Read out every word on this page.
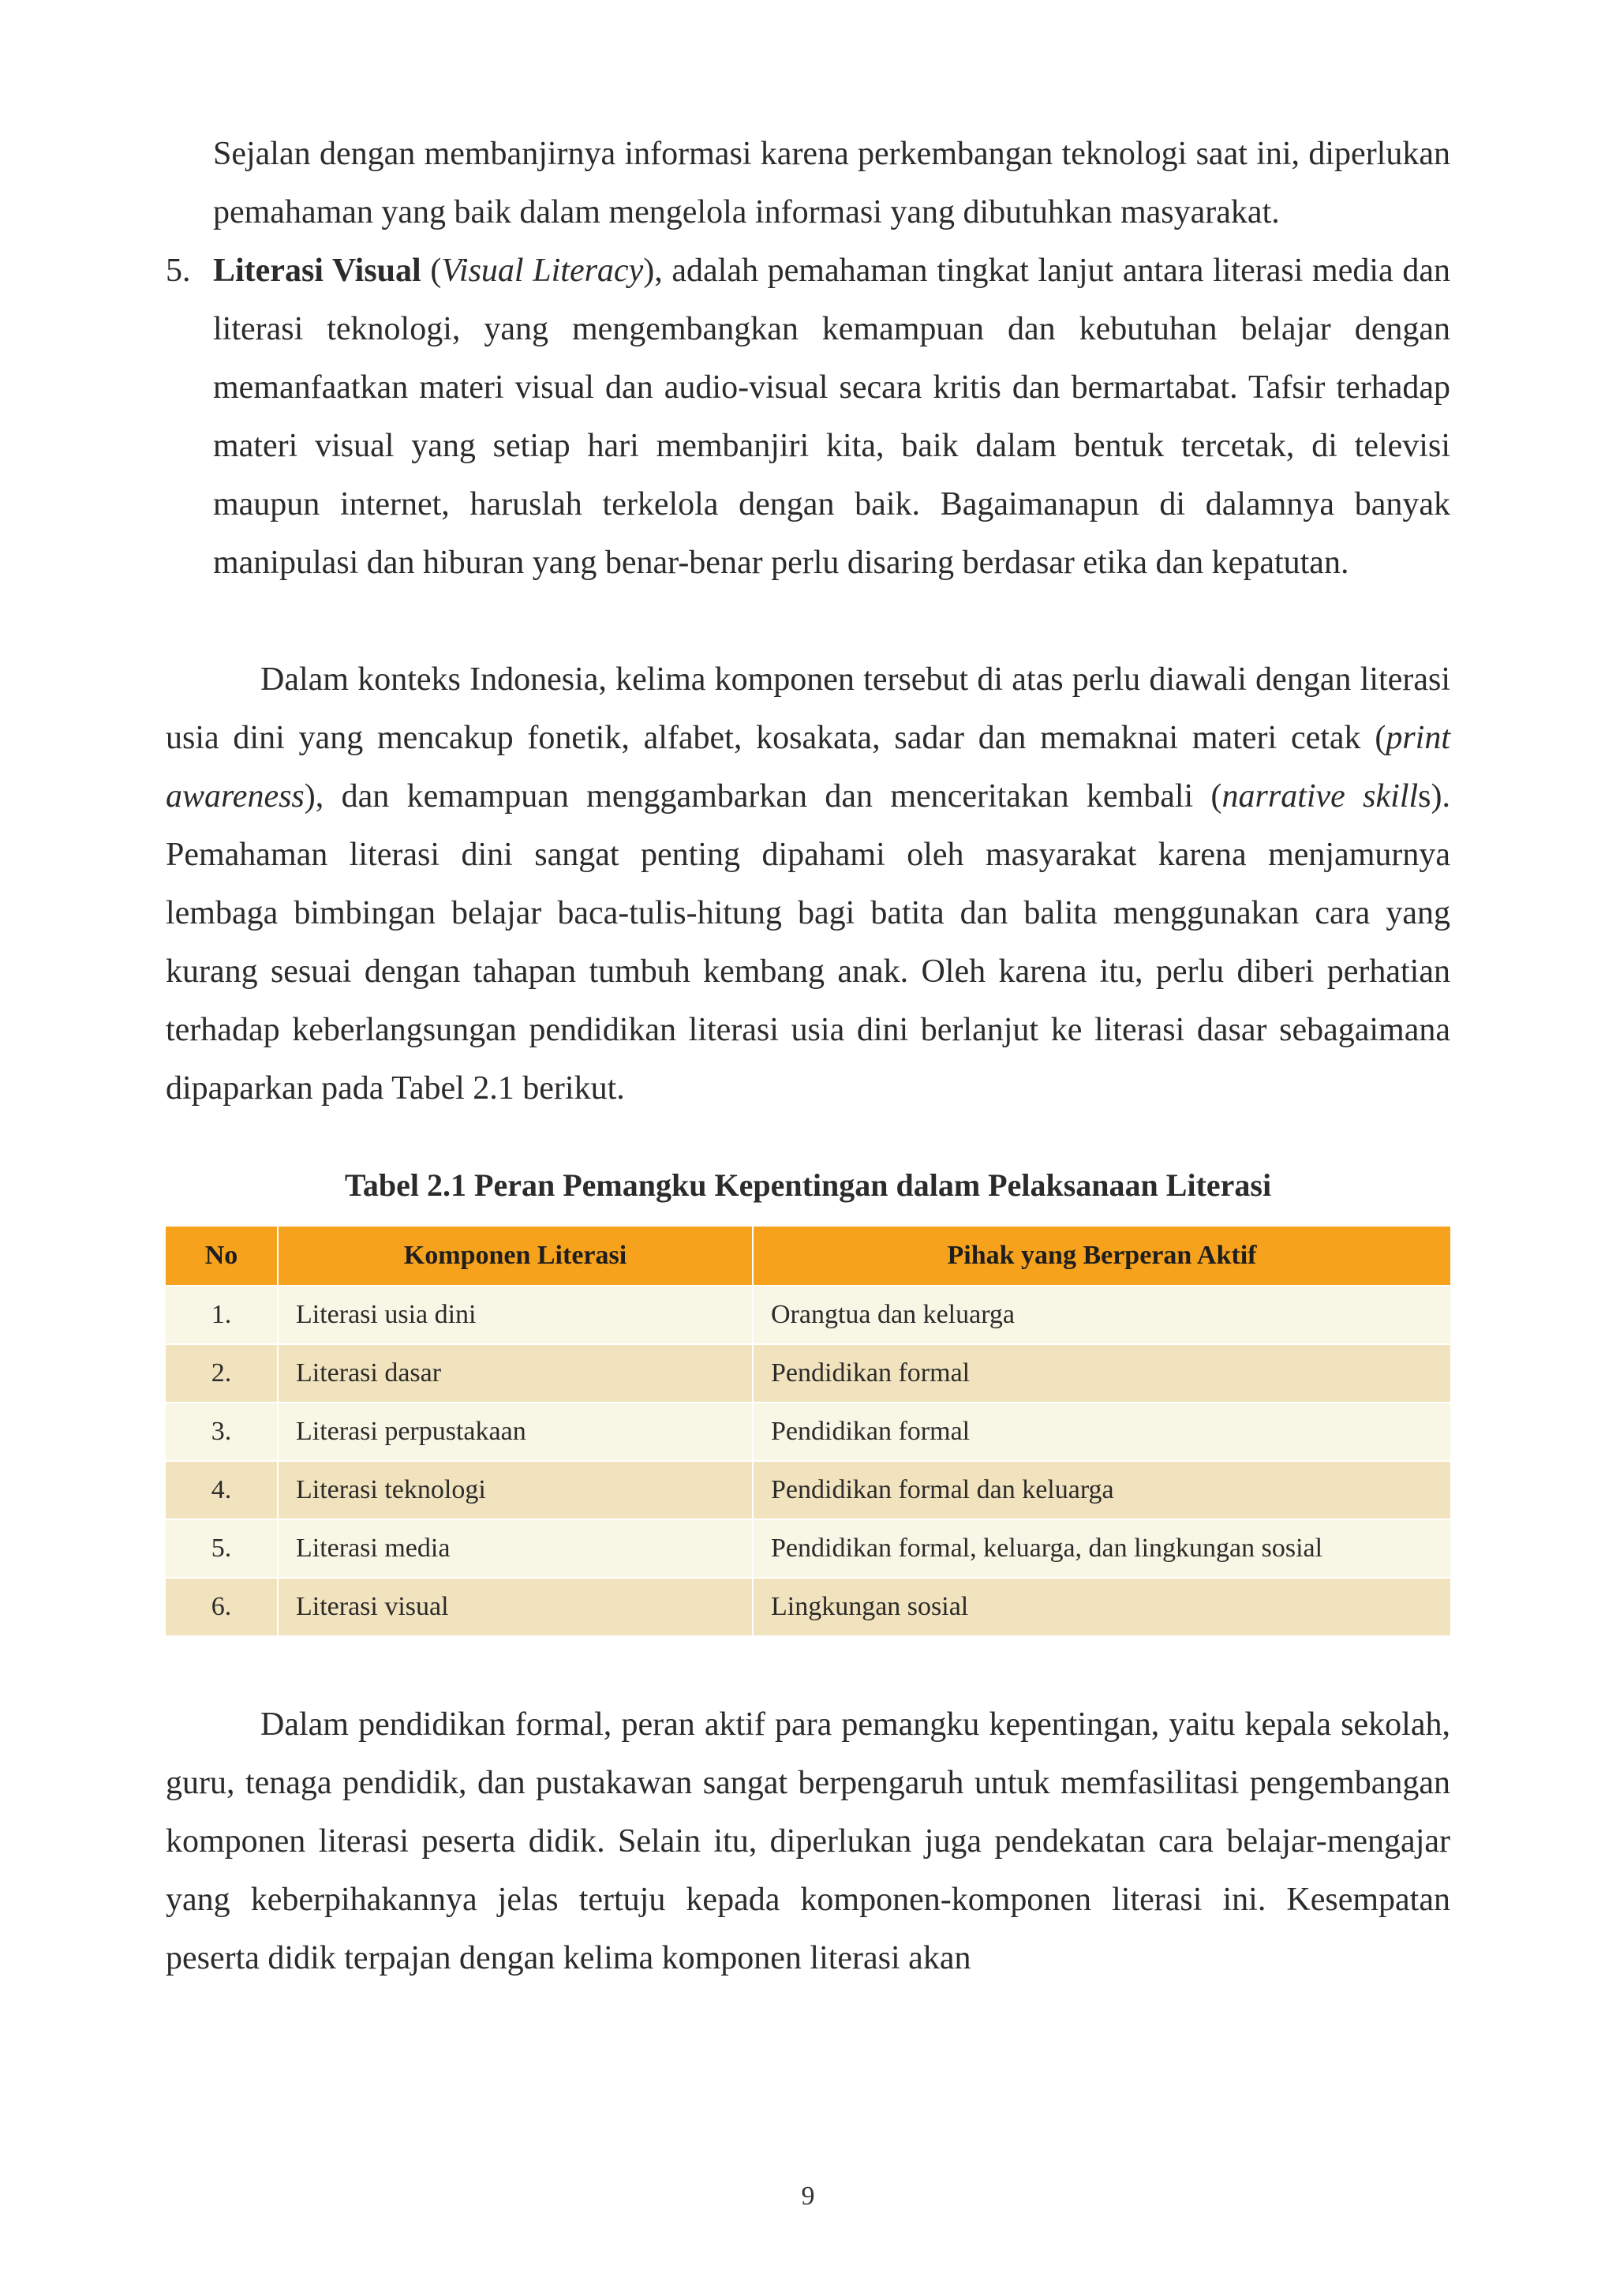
Sejalan dengan membanjirnya informasi karena perkembangan teknologi saat ini, diperlukan pemahaman yang baik dalam mengelola informasi yang dibutuhkan masyarakat.

5. Literasi Visual (Visual Literacy), adalah pemahaman tingkat lanjut antara literasi media dan literasi teknologi, yang mengembangkan kemampuan dan kebutuhan belajar dengan memanfaatkan materi visual dan audio-visual secara kritis dan bermartabat. Tafsir terhadap materi visual yang setiap hari membanjiri kita, baik dalam bentuk tercetak, di televisi maupun internet, haruslah terkelola dengan baik. Bagaimanapun di dalamnya banyak manipulasi dan hiburan yang benar-benar perlu disaring berdasar etika dan kepatutan.

Dalam konteks Indonesia, kelima komponen tersebut di atas perlu diawali dengan literasi usia dini yang mencakup fonetik, alfabet, kosakata, sadar dan memaknai materi cetak (print awareness), dan kemampuan menggambarkan dan menceritakan kembali (narrative skills). Pemahaman literasi dini sangat penting dipahami oleh masyarakat karena menjamurnya lembaga bimbingan belajar baca-tulis-hitung bagi batita dan balita menggunakan cara yang kurang sesuai dengan tahapan tumbuh kembang anak. Oleh karena itu, perlu diberi perhatian terhadap keberlangsungan pendidikan literasi usia dini berlanjut ke literasi dasar sebagaimana dipaparkan pada Tabel 2.1 berikut.

Tabel 2.1 Peran Pemangku Kepentingan dalam Pelaksanaan Literasi
No	Komponen Literasi	Pihak yang Berperan Aktif
1.	Literasi usia dini	Orangtua dan keluarga
2.	Literasi dasar	Pendidikan formal
3.	Literasi perpustakaan	Pendidikan formal
4.	Literasi teknologi	Pendidikan formal dan keluarga
5.	Literasi media	Pendidikan formal, keluarga, dan lingkungan sosial
6.	Literasi visual	Lingkungan sosial

Dalam pendidikan formal, peran aktif para pemangku kepentingan, yaitu kepala sekolah, guru, tenaga pendidik, dan pustakawan sangat berpengaruh untuk memfasilitasi pengembangan komponen literasi peserta didik. Selain itu, diperlukan juga pendekatan cara belajar-mengajar yang keberpihakannya jelas tertuju kepada komponen-komponen literasi ini. Kesempatan peserta didik terpajan dengan kelima komponen literasi akan

9
